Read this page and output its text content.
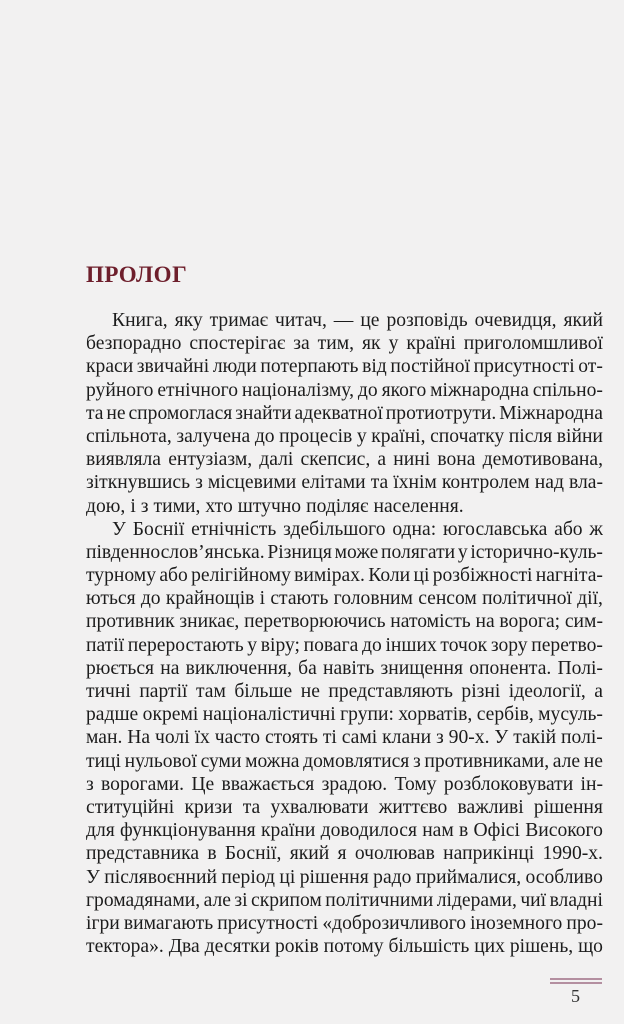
ПРОЛОГ
Книга, яку тримає читач, — це розповідь очевидця, який
безпорадно спостерігає за тим, як у країні приголомшливої
краси звичайні люди потерпають від постійної присутності от-
руйного етнічного націоналізму, до якого міжнародна спільно-
та не спромоглася знайти адекватної протиотрути. Міжнародна
спільнота, залучена до процесів у країні, спочатку після війни
виявляла ентузіазм, далі скепсис, а нині вона демотивована,
зіткнувшись з місцевими елітами та їхнім контролем над вла-
дою, і з тими, хто штучно поділяє населення.
У Боснії етнічність здебільшого одна: югославська або ж
південнослов’янська. Різниця може полягати у історично-куль-
турному або релігійному вимірах. Коли ці розбіжності нагніта-
ються до крайнощів і стають головним сенсом політичної дії,
противник зникає, перетворюючись натомість на ворога; сим-
патії переростають у віру; повага до інших точок зору перетво-
рюється на виключення, ба навіть знищення опонента. Полі-
тичні партії там більше не представляють різні ідеології, а
радше окремі націоналістичні групи: хорватів, сербів, мусуль-
ман. На чолі їх часто стоять ті самі клани з 90-х. У такій полі-
тиці нульової суми можна домовлятися з противниками, але не
з ворогами. Це вважається зрадою. Тому розблоковувати ін-
ституційні кризи та ухвалювати життєво важливі рішення
для функціонування країни доводилося нам в Офісі Високого
представника в Боснії, який я очолював наприкінці 1990-х.
У післявоєнний період ці рішення радо приймалися, особливо
громадянами, але зі скрипом політичними лідерами, чиї владні
ігри вимагають присутності «доброзичливого іноземного про-
тектора». Два десятки років потому більшість цих рішень, що
5
